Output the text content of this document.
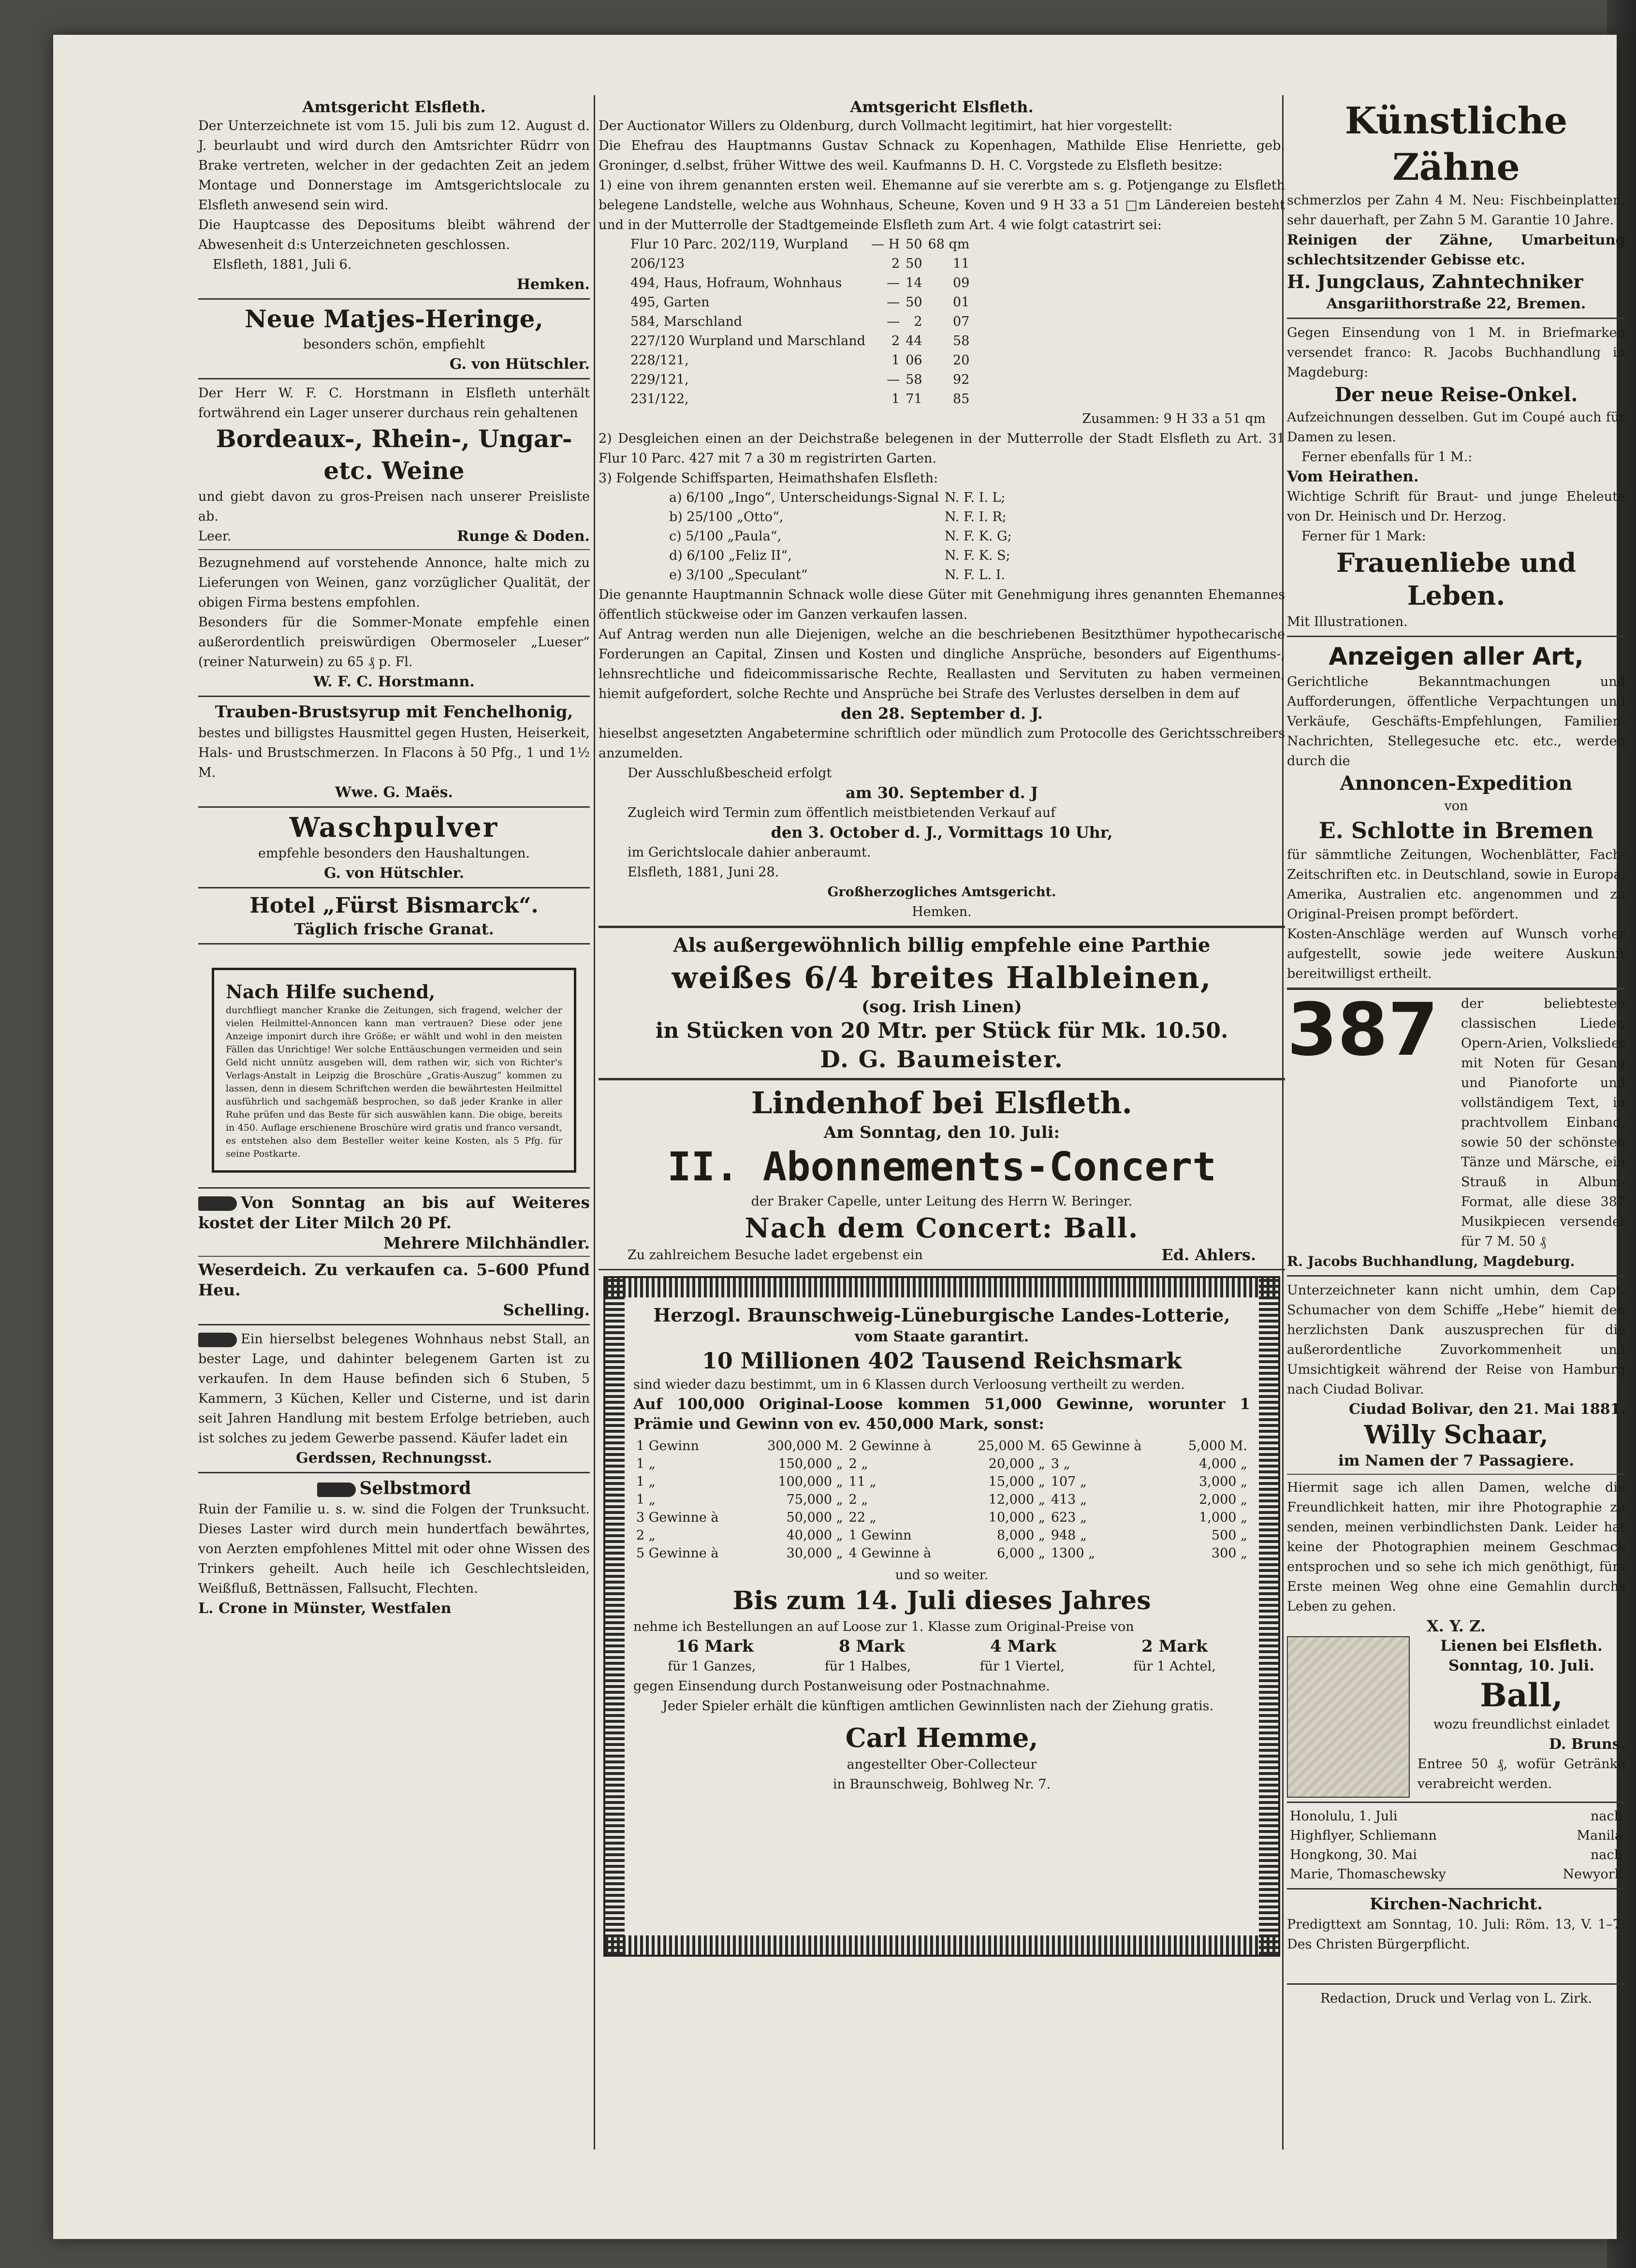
Amtsgericht Elsfleth.

Der Unterzeichnete ist vom 15. Juli bis zum 12. August d. J. beurlaubt und wird durch den Amtsrichter Rüdrr von Brake vertreten, welcher in der gedachten Zeit an jedem Montage und Donnerstage im Amtsgerichtslocale zu Elsfleth anwesend sein wird.

Die Hauptcasse des Depositums bleibt während der Abwesenheit d:s Unterzeichneten geschlossen.

Elsfleth, 1881, Juli 6.

Hemken.

Neue Matjes-Heringe,

besonders schön, empfiehlt

G. von Hütschler.

Der Herr W. F. C. Horstmann in Elsfleth unterhält fortwährend ein Lager unserer durchaus rein gehaltenen

Bordeaux-, Rhein-, Ungar- etc. Weine

und giebt davon zu gros-Preisen nach unserer Preisliste ab.

Leer.	Runge & Doden.

Bezugnehmend auf vorstehende Annonce, halte mich zu Lieferungen von Weinen, ganz vorzüglicher Qualität, der obigen Firma bestens empfohlen.

Besonders für die Sommer-Monate empfehle einen außerordentlich preiswürdigen Obermoseler „Lueser“ (reiner Naturwein) zu 65 ₰ p. Fl.

W. F. C. Horstmann.

Trauben-Brustsyrup mit Fenchelhonig,

bestes und billigstes Hausmittel gegen Husten, Heiserkeit, Hals- und Brustschmerzen. In Flacons à 50 Pfg., 1 und 1½ M.

Wwe. G. Maës.

Waschpulver

empfehle besonders den Haushaltungen.

G. von Hütschler.

Hotel „Fürst Bismarck“.

Täglich frische Granat.

Nach Hilfe suchend,

durchfliegt mancher Kranke die Zeitungen, sich fragend, welcher der vielen Heilmittel-Annoncen kann man vertrauen? Diese oder jene Anzeige imponirt durch ihre Größe; er wählt und wohl in den meisten Fällen das Unrichtige! Wer solche Enttäuschungen vermeiden und sein Geld nicht unnütz ausgeben will, dem rathen wir, sich von Richter's Verlags-Anstalt in Leipzig die Broschüre „Gratis-Auszug“ kommen zu lassen, denn in diesem Schriftchen werden die bewährtesten Heilmittel ausführlich und sachgemäß besprochen, so daß jeder Kranke in aller Ruhe prüfen und das Beste für sich auswählen kann. Die obige, bereits in 450. Auflage erschienene Broschüre wird gratis und franco versandt, es entstehen also dem Besteller weiter keine Kosten, als 5 Pfg. für seine Postkarte.

Von Sonntag an bis auf Weiteres kostet der Liter Milch 20 Pf.

Mehrere Milchhändler.

Weserdeich. Zu verkaufen ca. 5–600 Pfund Heu.

Schelling.

Ein hierselbst belegenes Wohnhaus nebst Stall, an bester Lage, und dahinter belegenem Garten ist zu verkaufen. In dem Hause befinden sich 6 Stuben, 5 Kammern, 3 Küchen, Keller und Cisterne, und ist darin seit Jahren Handlung mit bestem Erfolge betrieben, auch ist solches zu jedem Gewerbe passend. Käufer ladet ein

Gerdssen, Rechnungsst.

Selbstmord

Ruin der Familie u. s. w. sind die Folgen der Trunksucht. Dieses Laster wird durch mein hundertfach bewährtes, von Aerzten empfohlenes Mittel mit oder ohne Wissen des Trinkers geheilt. Auch heile ich Geschlechtsleiden, Weißfluß, Bettnässen, Fallsucht, Flechten.

L. Crone in Münster, Westfalen

Amtsgericht Elsfleth.

Der Auctionator Willers zu Oldenburg, durch Vollmacht legitimirt, hat hier vorgestellt:

Die Ehefrau des Hauptmanns Gustav Schnack zu Kopenhagen, Mathilde Elise Henriette, geb. Groninger, d.selbst, früher Wittwe des weil. Kaufmanns D. H. C. Vorgstede zu Elsfleth besitze:

1) eine von ihrem genannten ersten weil. Ehemanne auf sie vererbte am s. g. Potjengange zu Elsfleth belegene Landstelle, welche aus Wohnhaus, Scheune, Koven und 9 H 33 a 51 □m Ländereien besteht und in der Mutterrolle der Stadtgemeinde Elsfleth zum Art. 4 wie folgt catastrirt sei:

Flur 10 Parc. 202/119, Wurpland	— H	50	68 qm
206/123	2	50	11
494, Haus, Hofraum, Wohnhaus	—	14	09
495, Garten	—	50	01
584, Marschland	—	2	07
227/120 Wurpland und Marschland	2	44	58
228/121,	1	06	20
229/121,	—	58	92
231/122,	1	71	85

Zusammen: 9 H 33 a 51 qm

2) Desgleichen einen an der Deichstraße belegenen in der Mutterrolle der Stadt Elsfleth zu Art. 31 Flur 10 Parc. 427 mit 7 a 30 m registrirten Garten.

3) Folgende Schiffsparten, Heimathshafen Elsfleth:

a) 6/100 „Ingo“, Unterscheidungs-Signal	N. F. I. L;
b) 25/100 „Otto“,	N. F. I. R;
c) 5/100 „Paula“,	N. F. K. G;
d) 6/100 „Feliz II“,	N. F. K. S;
e) 3/100 „Speculant“	N. F. L. I.

Die genannte Hauptmannin Schnack wolle diese Güter mit Genehmigung ihres genannten Ehemannes öffentlich stückweise oder im Ganzen verkaufen lassen.

Auf Antrag werden nun alle Diejenigen, welche an die beschriebenen Besitzthümer hypothecarische Forderungen an Capital, Zinsen und Kosten und dingliche Ansprüche, besonders auf Eigenthums-, lehnsrechtliche und fideicommissarische Rechte, Reallasten und Servituten zu haben vermeinen, hiemit aufgefordert, solche Rechte und Ansprüche bei Strafe des Verlustes derselben in dem auf

den 28. September d. J.

hieselbst angesetzten Angabetermine schriftlich oder mündlich zum Protocolle des Gerichtsschreibers anzumelden.

Der Ausschlußbescheid erfolgt

am 30. September d. J

Zugleich wird Termin zum öffentlich meistbietenden Verkauf auf

den 3. October d. J., Vormittags 10 Uhr,

im Gerichtslocale dahier anberaumt.

Elsfleth, 1881, Juni 28.

Großherzogliches Amtsgericht.

Hemken.

Als außergewöhnlich billig empfehle eine Parthie

weißes 6/4 breites Halbleinen,

(sog. Irish Linen)

in Stücken von 20 Mtr. per Stück für Mk. 10.50.

D. G. Baumeister.

Lindenhof bei Elsfleth.

Am Sonntag, den 10. Juli:

II. Abonnements-Concert

der Braker Capelle, unter Leitung des Herrn W. Beringer.

Nach dem Concert: Ball.

Zu zahlreichem Besuche ladet ergebenst ein	Ed. Ahlers.

Herzogl. Braunschweig-Lüneburgische Landes-Lotterie,

vom Staate garantirt.

10 Millionen 402 Tausend Reichsmark

sind wieder dazu bestimmt, um in 6 Klassen durch Verloosung vertheilt zu werden.

Auf 100,000 Original-Loose kommen 51,000 Gewinne, worunter 1 Prämie und Gewinn von ev. 450,000 Mark, sonst:

1 Gewinn	300,000 M.	2 Gewinne à	25,000 M.	65 Gewinne à	5,000 M.
1 „	150,000 „	2 „	20,000 „	3 „	4,000 „
1 „	100,000 „	11 „	15,000 „	107 „	3,000 „
1 „	75,000 „	2 „	12,000 „	413 „	2,000 „
3 Gewinne à	50,000 „	22 „	10,000 „	623 „	1,000 „
2 „	40,000 „	1 Gewinn	8,000 „	948 „	500 „
5 Gewinne à	30,000 „	4 Gewinne à	6,000 „	1300 „	300 „

und so weiter.

Bis zum 14. Juli dieses Jahres

nehme ich Bestellungen an auf Loose zur 1. Klasse zum Original-Preise von

16 Mark	8 Mark	4 Mark	2 Mark
für 1 Ganzes,	für 1 Halbes,	für 1 Viertel,	für 1 Achtel,

gegen Einsendung durch Postanweisung oder Postnachnahme.

Jeder Spieler erhält die künftigen amtlichen Gewinnlisten nach der Ziehung gratis.

Carl Hemme,

angestellter Ober-Collecteur

in Braunschweig, Bohlweg Nr. 7.

Künstliche Zähne

schmerzlos per Zahn 4 M. Neu: Fischbeinplatten, sehr dauerhaft, per Zahn 5 M. Garantie 10 Jahre.

Reinigen der Zähne, Umarbeitung schlechtsitzender Gebisse etc.

H. Jungclaus, Zahntechniker

Ansgariithorstraße 22, Bremen.

Gegen Einsendung von 1 M. in Briefmarken versendet franco: R. Jacobs Buchhandlung in Magdeburg:

Der neue Reise-Onkel.

Aufzeichnungen desselben. Gut im Coupé auch für Damen zu lesen.

Ferner ebenfalls für 1 M.:

Vom Heirathen.

Wichtige Schrift für Braut- und junge Eheleute von Dr. Heinisch und Dr. Herzog.

Ferner für 1 Mark:

Frauenliebe und Leben.

Mit Illustrationen.

Anzeigen aller Art,

Gerichtliche Bekanntmachungen und Aufforderungen, öffentliche Verpachtungen und Verkäufe, Geschäfts-Empfehlungen, Familien-Nachrichten, Stellegesuche etc. etc., werden durch die

Annoncen-Expedition

von

E. Schlotte in Bremen

für sämmtliche Zeitungen, Wochenblätter, Fach-Zeitschriften etc. in Deutschland, sowie in Europa, Amerika, Australien etc. angenommen und zu Original-Preisen prompt befördert.

Kosten-Anschläge werden auf Wunsch vorher aufgestellt, sowie jede weitere Auskunft bereitwilligst ertheilt.

387	der beliebtesten classischen Lieder, Opern-Arien, Volkslieder mit Noten für Gesang und Pianoforte und vollständigem Text, in prachtvollem Einband, sowie 50 der schönsten Tänze und Märsche, ein Strauß in Album-Format, alle diese 387 Musikpiecen versendet für 7 M. 50 ₰

R. Jacobs Buchhandlung, Magdeburg.

Unterzeichneter kann nicht umhin, dem Capt. Schumacher von dem Schiffe „Hebe“ hiemit den herzlichsten Dank auszusprechen für die außerordentliche Zuvorkommenheit und Umsichtigkeit während der Reise von Hamburg nach Ciudad Bolivar.

Ciudad Bolivar, den 21. Mai 1881.

Willy Schaar,

im Namen der 7 Passagiere.

Hiermit sage ich allen Damen, welche die Freundlichkeit hatten, mir ihre Photographie zu senden, meinen verbindlichsten Dank. Leider hat keine der Photographien meinem Geschmack entsprochen und so sehe ich mich genöthigt, fürs Erste meinen Weg ohne eine Gemahlin durchs Leben zu gehen.

X. Y. Z.

Lienen bei Elsfleth.

Sonntag, 10. Juli.

Ball,

wozu freundlichst einladet

D. Bruns.

Entree 50 ₰, wofür Getränke verabreicht werden.

Honolulu, 1. Juli	nach
Highflyer, Schliemann	Manila
Hongkong, 30. Mai	nach
Marie, Thomaschewsky	Newyork

Kirchen-Nachricht.

Predigttext am Sonntag, 10. Juli: Röm. 13, V. 1–7: Des Christen Bürgerpflicht.

Redaction, Druck und Verlag von L. Zirk.
